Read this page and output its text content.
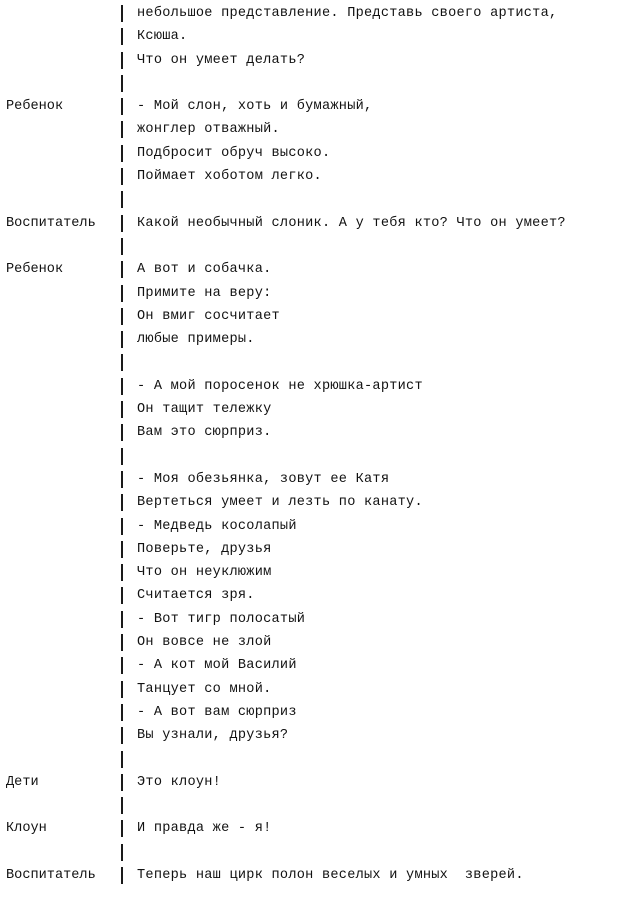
небольшое представление. Представь своего артиста,
Ксюша.
Что он умеет делать?
Ребенок	- Мой слон, хоть и бумажный,
жонглер отважный.
Подбросит обруч высоко.
Поймает хоботом легко.
Воспитатель	Какой необычный слоник. А у тебя кто? Что он умеет?
Ребенок	А вот и собачка.
Примите на веру:
Он вмиг сосчитает
любые примеры.
- А мой поросенок не хрюшка-артист
Он тащит тележку
Вам это сюрприз.
- Моя обезьянка, зовут ее Катя
Вертеться умеет и лезть по канату.
- Медведь косолапый
Поверьте, друзья
Что он неуклюжим
Считается зря.
- Вот тигр полосатый
Он вовсе не злой
- А кот мой Василий
Танцует со мной.
- А вот вам сюрприз
Вы узнали, друзья?
Дети	Это клоун!
Клоун	И правда же - я!
Воспитатель	Теперь наш цирк полон веселых и умных  зверей.
